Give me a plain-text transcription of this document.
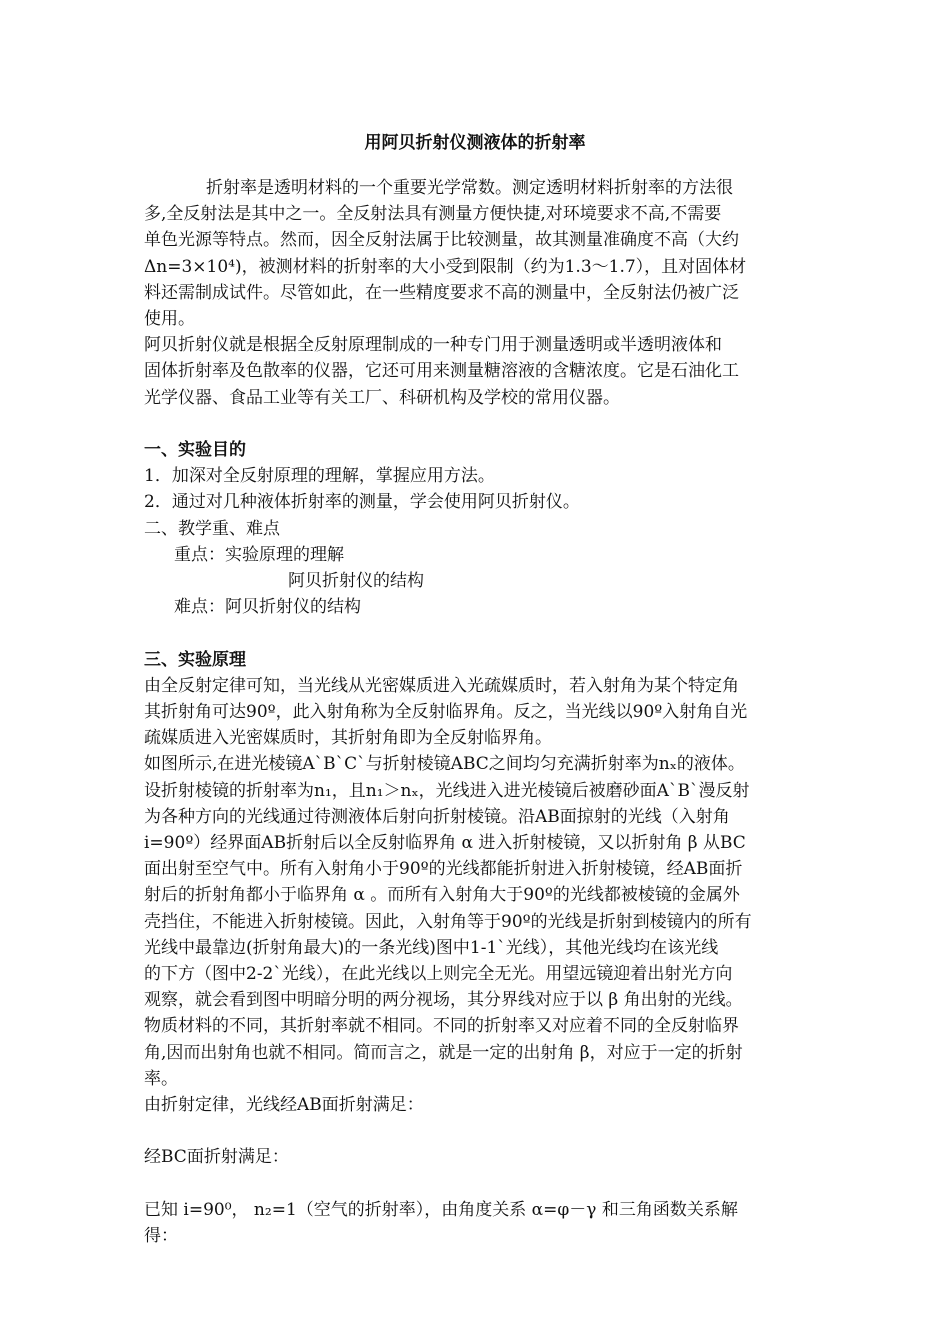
用阿贝折射仪测液体的折射率
折射率是透明材料的一个重要光学常数。测定透明材料折射率的方法很
多,全反射法是其中之一。全反射法具有测量方便快捷,对环境要求不高,不需要
单色光源等特点。然而，因全反射法属于比较测量，故其测量准确度不高（大约
Δn=3×10⁴)，被测材料的折射率的大小受到限制（约为1.3～1.7），且对固体材
料还需制成试件。尽管如此，在一些精度要求不高的测量中，全反射法仍被广泛
使用。
阿贝折射仪就是根据全反射原理制成的一种专门用于测量透明或半透明液体和
固体折射率及色散率的仪器，它还可用来测量糖溶液的含糖浓度。它是石油化工
光学仪器、食品工业等有关工厂、科研机构及学校的常用仪器。
一、实验目的
1．加深对全反射原理的理解，掌握应用方法。
2．通过对几种液体折射率的测量，学会使用阿贝折射仪。
二、教学重、难点
重点：实验原理的理解
阿贝折射仪的结构
难点：阿贝折射仪的结构
三、实验原理
由全反射定律可知，当光线从光密媒质进入光疏媒质时，若入射角为某个特定角
其折射角可达90º，此入射角称为全反射临界角。反之，当光线以90º入射角自光
疏媒质进入光密媒质时，其折射角即为全反射临界角。
如图所示,在进光棱镜A`B`C`与折射棱镜ABC之间均匀充满折射率为nₓ的液体。
设折射棱镜的折射率为n₁，且n₁＞nₓ，光线进入进光棱镜后被磨砂面A`B`漫反射
为各种方向的光线通过待测液体后射向折射棱镜。沿AB面掠射的光线（入射角
i=90º）经界面AB折射后以全反射临界角 α 进入折射棱镜，又以折射角 β 从BC
面出射至空气中。所有入射角小于90º的光线都能折射进入折射棱镜，经AB面折
射后的折射角都小于临界角 α 。而所有入射角大于90º的光线都被棱镜的金属外
壳挡住，不能进入折射棱镜。因此，入射角等于90º的光线是折射到棱镜内的所有
光线中最靠边(折射角最大)的一条光线)图中1-1`光线），其他光线均在该光线
的下方（图中2-2`光线），在此光线以上则完全无光。用望远镜迎着出射光方向
观察，就会看到图中明暗分明的两分视场，其分界线对应于以 β 角出射的光线。
物质材料的不同，其折射率就不相同。不同的折射率又对应着不同的全反射临界
角,因而出射角也就不相同。简而言之，就是一定的出射角 β，对应于一定的折射
率。
由折射定律，光线经AB面折射满足：
经BC面折射满足：
已知 i=90⁰， n₂=1（空气的折射率），由角度关系 α=φ－γ 和三角函数关系解
得：
